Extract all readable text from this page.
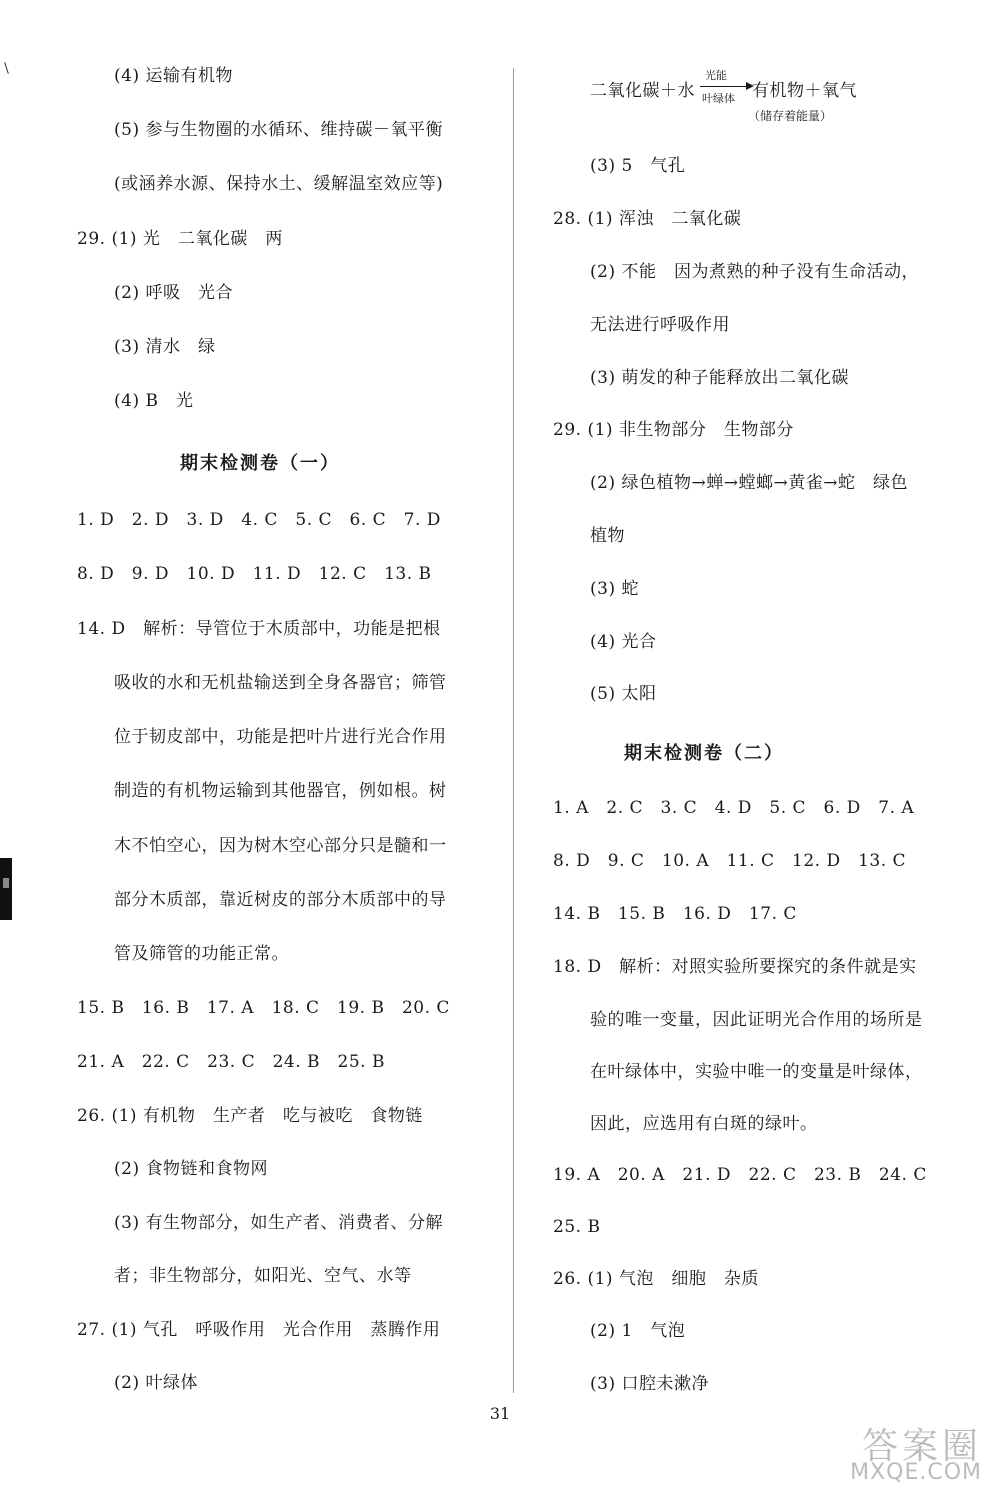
(4) 运输有机物
(5) 参与生物圈的水循环、维持碳－氧平衡
(或涵养水源、保持水土、缓解温室效应等)
29. (1) 光　二氧化碳　两
(2) 呼吸　光合
(3) 清水　绿
(4) B　光
期末检测卷（一）
1. D　2. D　3. D　4. C　5. C　6. C　7. D
8. D　9. D　10. D　11. D　12. C　13. B
14. D　解析：导管位于木质部中，功能是把根
吸收的水和无机盐输送到全身各器官；筛管
位于韧皮部中，功能是把叶片进行光合作用
制造的有机物运输到其他器官，例如根。树
木不怕空心，因为树木空心部分只是髓和一
部分木质部，靠近树皮的部分木质部中的导
管及筛管的功能正常。
15. B　16. B　17. A　18. C　19. B　20. C
21. A　22. C　23. C　24. B　25. B
26. (1) 有机物　生产者　吃与被吃　食物链
(2) 食物链和食物网
(3) 有生物部分，如生产者、消费者、分解
者；非生物部分，如阳光、空气、水等
27. (1) 气孔　呼吸作用　光合作用　蒸腾作用
(2) 叶绿体
二氧化碳＋水
光能
叶绿体 有机物＋氧气
（储存着能量）
(3) 5　气孔
28. (1) 浑浊　二氧化碳
(2) 不能　因为煮熟的种子没有生命活动，
无法进行呼吸作用
(3) 萌发的种子能释放出二氧化碳
29. (1) 非生物部分　生物部分
(2) 绿色植物→蝉→螳螂→黄雀→蛇　绿色
植物
(3) 蛇
(4) 光合
(5) 太阳
期末检测卷（二）
1. A　2. C　3. C　4. D　5. C　6. D　7. A
8. D　9. C　10. A　11. C　12. D　13. C
14. B　15. B　16. D　17. C
18. D　解析：对照实验所要探究的条件就是实
验的唯一变量，因此证明光合作用的场所是
在叶绿体中，实验中唯一的变量是叶绿体，
因此，应选用有白斑的绿叶。
19. A　20. A　21. D　22. C　23. B　24. C
25. B
26. (1) 气泡　细胞　杂质
(2) 1　气泡
(3) 口腔未漱净
31
答案圈
MXQE.COM
